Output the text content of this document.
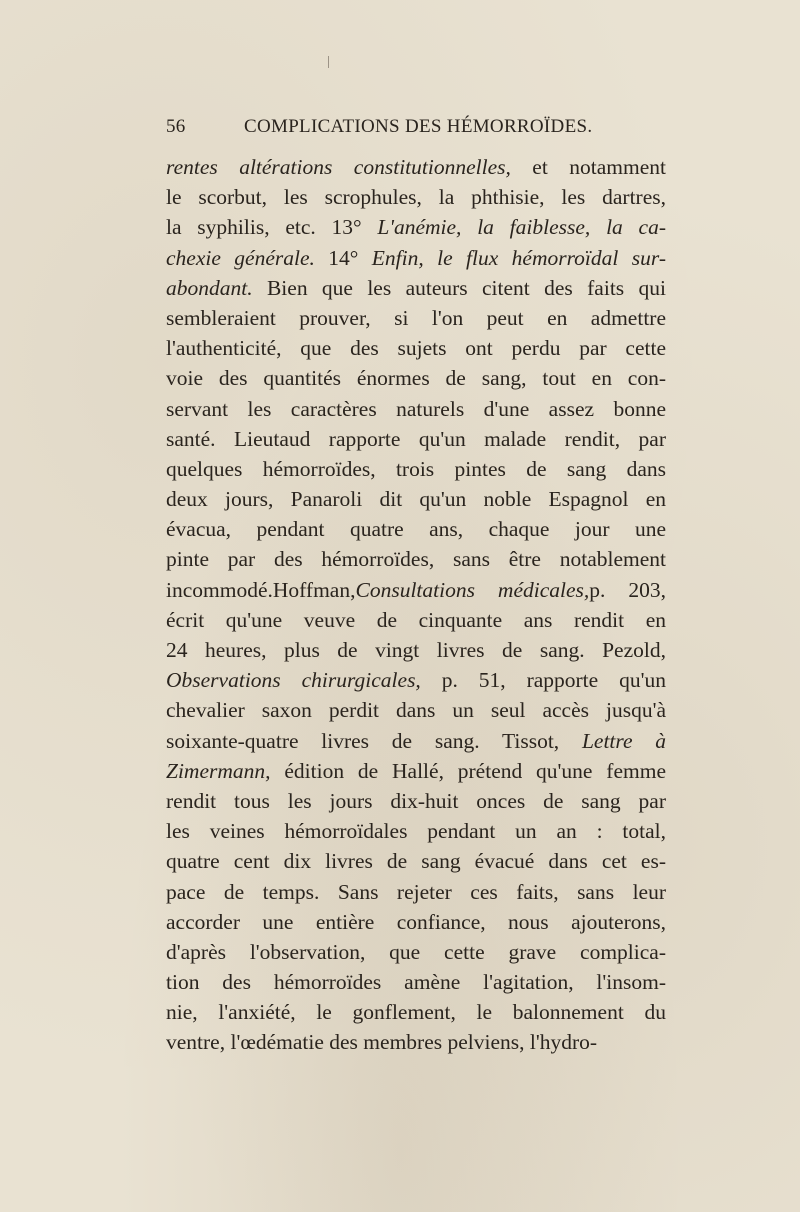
56	COMPLICATIONS DES HÉMORROÏDES.
rentes altérations constitutionnelles, et notamment
le scorbut, les scrophules, la phthisie, les dartres,
la syphilis, etc. 13° L'anémie, la faiblesse, la ca-
chexie générale. 14° Enfin, le flux hémorroïdal sur-
abondant. Bien que les auteurs citent des faits qui
sembleraient prouver, si l'on peut en admettre
l'authenticité, que des sujets ont perdu par cette
voie des quantités énormes de sang, tout en con-
servant les caractères naturels d'une assez bonne
santé. Lieutaud rapporte qu'un malade rendit, par
quelques hémorroïdes, trois pintes de sang dans
deux jours, Panaroli dit qu'un noble Espagnol en
évacua, pendant quatre ans, chaque jour une
pinte par des hémorroïdes, sans être notablement
incommodé.Hoffman,Consultations médicales,p. 203,
écrit qu'une veuve de cinquante ans rendit en
24 heures, plus de vingt livres de sang. Pezold,
Observations chirurgicales, p. 51, rapporte qu'un
chevalier saxon perdit dans un seul accès jusqu'à
soixante-quatre livres de sang. Tissot, Lettre à
Zimermann, édition de Hallé, prétend qu'une femme
rendit tous les jours dix-huit onces de sang par
les veines hémorroïdales pendant un an : total,
quatre cent dix livres de sang évacué dans cet es-
pace de temps. Sans rejeter ces faits, sans leur
accorder une entière confiance, nous ajouterons,
d'après l'observation, que cette grave complica-
tion des hémorroïdes amène l'agitation, l'insom-
nie, l'anxiété, le gonflement, le balonnement du
ventre, l'œdématie des membres pelviens, l'hydro-
